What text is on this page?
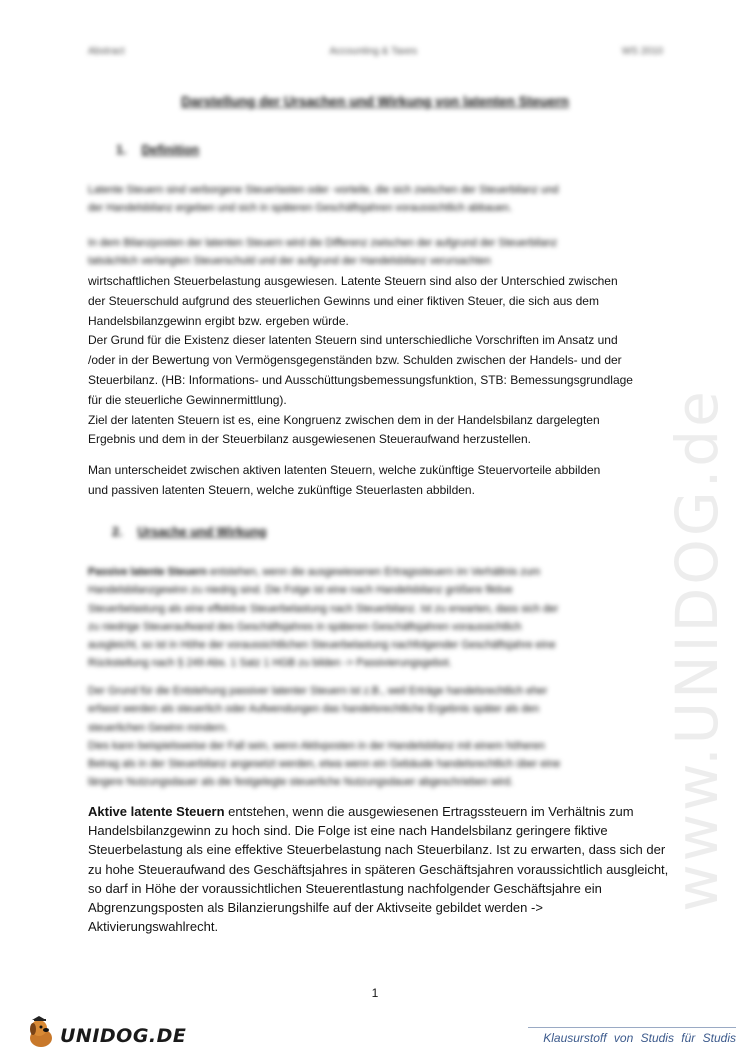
www.UNIDOG.de
Abstract	Accounting & Taxes	WS 2010
Darstellung der Ursachen und Wirkung von latenten Steuern
1. Definition
Latente Steuern sind verborgene Steuerlasten oder -vorteile, die sich zwischen der Steuerbilanz und
der Handelsbilanz ergeben und sich in späteren Geschäftsjahren voraussichtlich abbauen.
In dem Bilanzposten der latenten Steuern wird die Differenz zwischen der aufgrund der Steuerbilanz
tatsächlich verlangten Steuerschuld und der aufgrund der Handelsbilanz verursachten
wirtschaftlichen Steuerbelastung ausgewiesen. Latente Steuern sind also der Unterschied zwischen
der Steuerschuld aufgrund des steuerlichen Gewinns und einer fiktiven Steuer, die sich aus dem
Handelsbilanzgewinn ergibt bzw. ergeben würde.
Der Grund für die Existenz dieser latenten Steuern sind unterschiedliche Vorschriften im Ansatz und
/oder in der Bewertung von Vermögensgegenständen bzw. Schulden zwischen der Handels- und der
Steuerbilanz. (HB: Informations- und Ausschüttungsbemessungsfunktion, STB: Bemessungsgrundlage
für die steuerliche Gewinnermittlung).
Ziel der latenten Steuern ist es, eine Kongruenz zwischen dem in der Handelsbilanz dargelegten
Ergebnis und dem in der Steuerbilanz ausgewiesenen Steueraufwand herzustellen.
Man unterscheidet zwischen aktiven latenten Steuern, welche zukünftige Steuervorteile abbilden
und passiven latenten Steuern, welche zukünftige Steuerlasten abbilden.
2. Ursache und Wirkung
Passive latente Steuern entstehen, wenn die ausgewiesenen Ertragssteuern im Verhältnis zum
Handelsbilanzgewinn zu niedrig sind. Die Folge ist eine nach Handelsbilanz größere fiktive
Steuerbelastung als eine effektive Steuerbelastung nach Steuerbilanz. Ist zu erwarten, dass sich der
zu niedrige Steueraufwand des Geschäftsjahres in späteren Geschäftsjahren voraussichtlich
ausgleicht, so ist in Höhe der voraussichtlichen Steuerbelastung nachfolgender Geschäftsjahre eine
Rückstellung nach § 249 Abs. 1 Satz 1 HGB zu bilden -> Passivierungsgebot.
Der Grund für die Entstehung passiver latenter Steuern ist z.B., weil Erträge handelsrechtlich eher
erfasst werden als steuerlich oder Aufwendungen das handelsrechtliche Ergebnis später als den
steuerlichen Gewinn mindern.
Dies kann beispielsweise der Fall sein, wenn Aktivposten in der Handelsbilanz mit einem höheren
Betrag als in der Steuerbilanz angesetzt werden, etwa wenn ein Gebäude handelsrechtlich über eine
längere Nutzungsdauer als die festgelegte steuerliche Nutzungsdauer abgeschrieben wird.
Aktive latente Steuern entstehen, wenn die ausgewiesenen Ertragssteuern im Verhältnis zum
Handelsbilanzgewinn zu hoch sind. Die Folge ist eine nach Handelsbilanz geringere fiktive
Steuerbelastung als eine effektive Steuerbelastung nach Steuerbilanz. Ist zu erwarten, dass sich der
zu hohe Steueraufwand des Geschäftsjahres in späteren Geschäftsjahren voraussichtlich ausgleicht,
so darf in Höhe der voraussichtlichen Steuerentlastung nachfolgender Geschäftsjahre ein
Abgrenzungsposten als Bilanzierungshilfe auf der Aktivseite gebildet werden ->
Aktivierungswahlrecht.
1
UNIDOG.DE	Klausurstoff von Studis für Studis
